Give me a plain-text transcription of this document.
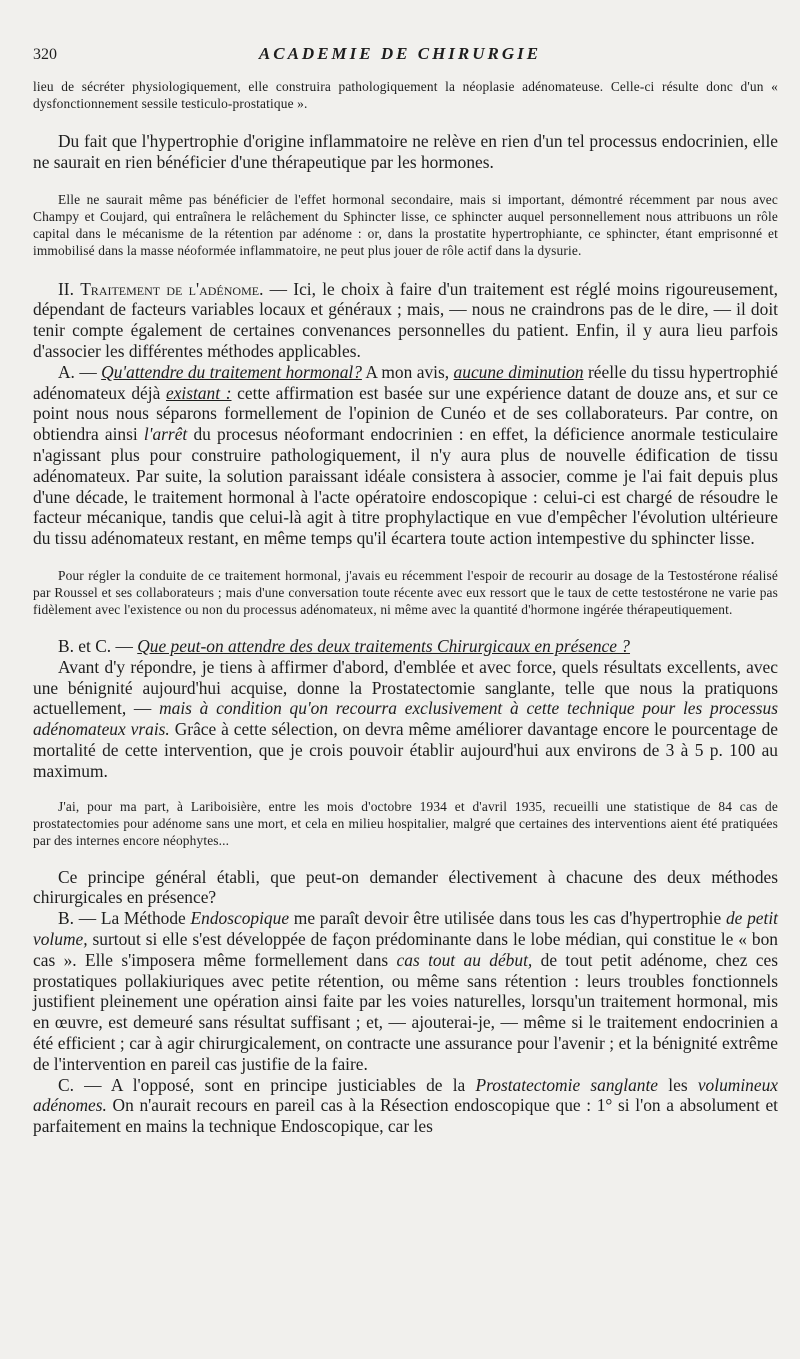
320	ACADEMIE DE CHIRURGIE

lieu de sécréter physiologiquement, elle construira pathologiquement la néoplasie adénomateuse. Celle-ci résulte donc d'un « dysfonctionnement sessile testiculo-prostatique ».

Du fait que l'hypertrophie d'origine inflammatoire ne relève en rien d'un tel processus endocrinien, elle ne saurait en rien bénéficier d'une thérapeutique par les hormones.

Elle ne saurait même pas bénéficier de l'effet hormonal secondaire, mais si important, démontré récemment par nous avec Champy et Coujard, qui entraînera le relâchement du Sphincter lisse, ce sphincter auquel personnellement nous attribuons un rôle capital dans le mécanisme de la rétention par adénome : or, dans la prostatite hypertrophiante, ce sphincter, étant emprisonné et immobilisé dans la masse néoformée inflammatoire, ne peut plus jouer de rôle actif dans la dysurie.

II. Traitement de l'adénome. — Ici, le choix à faire d'un traitement est réglé moins rigoureusement, dépendant de facteurs variables locaux et généraux ; mais, — nous ne craindrons pas de le dire, — il doit tenir compte également de certaines convenances personnelles du patient. Enfin, il y aura lieu parfois d'associer les différentes méthodes applicables.

A. — Qu'attendre du traitement hormonal? A mon avis, aucune diminution réelle du tissu hypertrophié adénomateux déjà existant : cette affirmation est basée sur une expérience datant de douze ans, et sur ce point nous nous séparons formellement de l'opinion de Cunéo et de ses collaborateurs. Par contre, on obtiendra ainsi l'arrêt du procesus néoformant endocrinien : en effet, la déficience anormale testiculaire n'agissant plus pour construire pathologiquement, il n'y aura plus de nouvelle édification de tissu adénomateux. Par suite, la solution paraissant idéale consistera à associer, comme je l'ai fait depuis plus d'une décade, le traitement hormonal à l'acte opératoire endoscopique : celui-ci est chargé de résoudre le facteur mécanique, tandis que celui-là agit à titre prophylactique en vue d'empêcher l'évolution ultérieure du tissu adénomateux restant, en même temps qu'il écartera toute action intempestive du sphincter lisse.

Pour régler la conduite de ce traitement hormonal, j'avais eu récemment l'espoir de recourir au dosage de la Testostérone réalisé par Roussel et ses collaborateurs ; mais d'une conversation toute récente avec eux ressort que le taux de cette testostérone ne varie pas fidèlement avec l'existence ou non du processus adénomateux, ni même avec la quantité d'hormone ingérée thérapeutiquement.

B. et C. — Que peut-on attendre des deux traitements Chirurgicaux en présence ?

Avant d'y répondre, je tiens à affirmer d'abord, d'emblée et avec force, quels résultats excellents, avec une bénignité aujourd'hui acquise, donne la Prostatectomie sanglante, telle que nous la pratiquons actuellement, — mais à condition qu'on recourra exclusivement à cette technique pour les processus adénomateux vrais. Grâce à cette sélection, on devra même améliorer davantage encore le pourcentage de mortalité de cette intervention, que je crois pouvoir établir aujourd'hui aux environs de 3 à 5 p. 100 au maximum.

J'ai, pour ma part, à Lariboisière, entre les mois d'octobre 1934 et d'avril 1935, recueilli une statistique de 84 cas de prostatectomies pour adénome sans une mort, et cela en milieu hospitalier, malgré que certaines des interventions aient été pratiquées par des internes encore néophytes...

Ce principe général établi, que peut-on demander électivement à chacune des deux méthodes chirurgicales en présence?

B. — La Méthode Endoscopique me paraît devoir être utilisée dans tous les cas d'hypertrophie de petit volume, surtout si elle s'est développée de façon prédominante dans le lobe médian, qui constitue le « bon cas ». Elle s'imposera même formellement dans cas tout au début, de tout petit adénome, chez ces prostatiques pollakiuriques avec petite rétention, ou même sans rétention : leurs troubles fonctionnels justifient pleinement une opération ainsi faite par les voies naturelles, lorsqu'un traitement hormonal, mis en œuvre, est demeuré sans résultat suffisant ; et, — ajouterai-je, — même si le traitement endocrinien a été efficient ; car à agir chirurgicalement, on contracte une assurance pour l'avenir ; et la bénignité extrême de l'intervention en pareil cas justifie de la faire.

C. — A l'opposé, sont en principe justiciables de la Prostatectomie sanglante les volumineux adénomes. On n'aurait recours en pareil cas à la Résection endoscopique que : 1° si l'on a absolument et parfaitement en mains la technique Endoscopique, car les
